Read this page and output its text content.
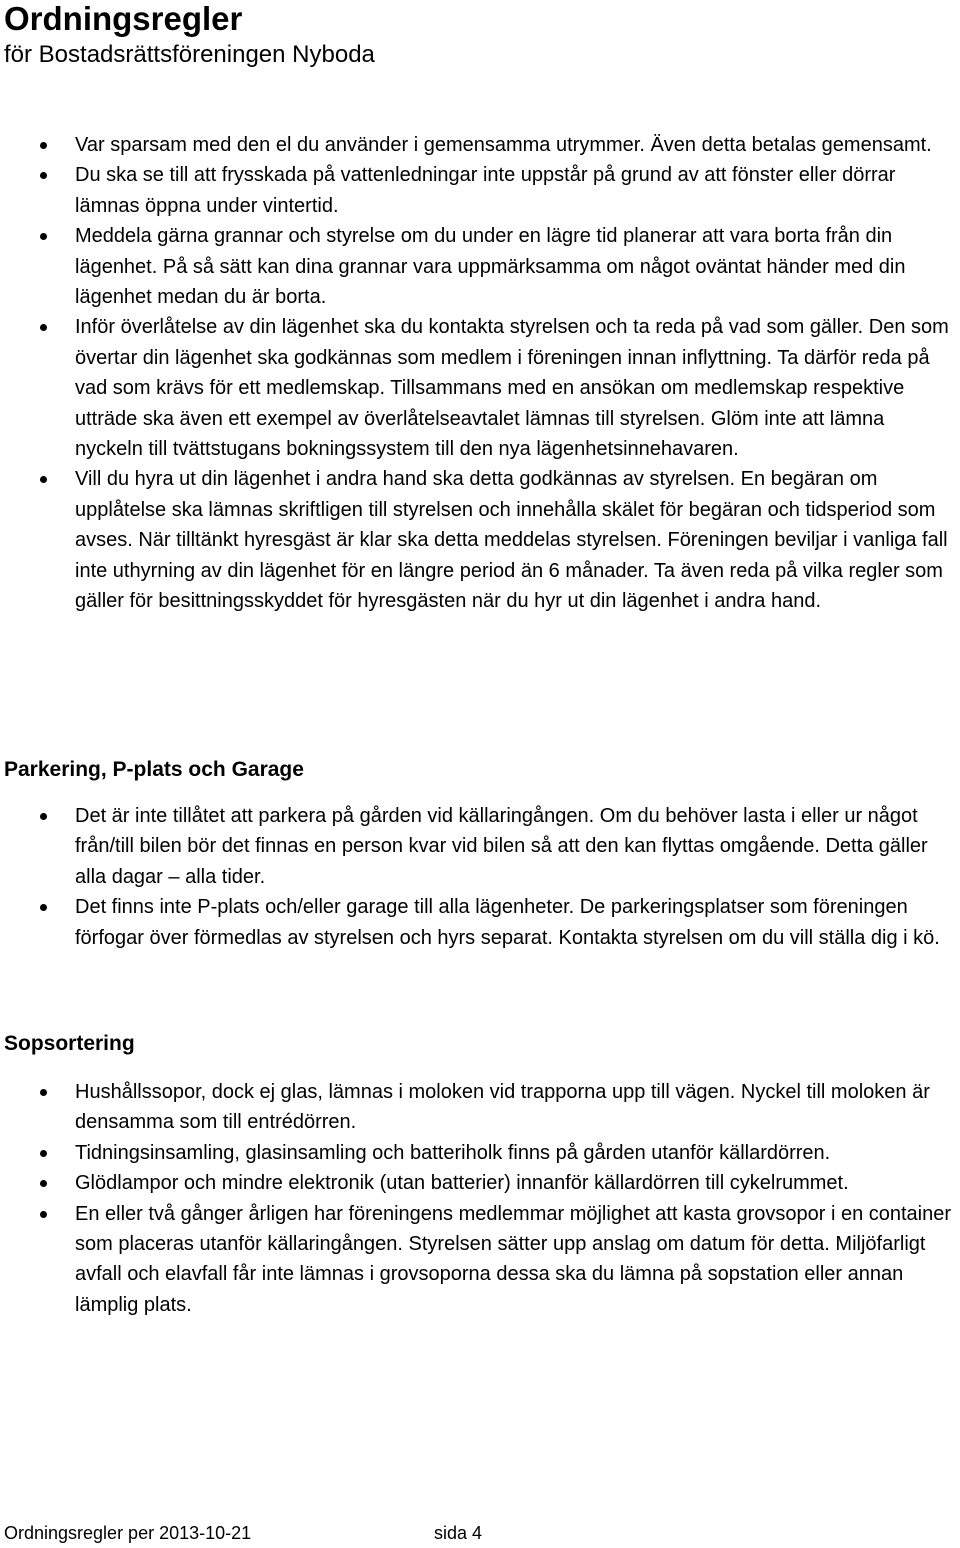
Ordningsregler
för Bostadsrättsföreningen Nyboda
Var sparsam med den el du använder i gemensamma utrymmer. Även detta betalas gemensamt.
Du ska se till att frysskada på vattenledningar inte uppstår på grund av att fönster eller dörrar lämnas öppna under vintertid.
Meddela gärna grannar och styrelse om du under en lägre tid planerar att vara borta från din lägenhet. På så sätt kan dina grannar vara uppmärksamma om något oväntat händer med din lägenhet medan du är borta.
Inför överlåtelse av din lägenhet ska du kontakta styrelsen och ta reda på vad som gäller. Den som övertar din lägenhet ska godkännas som medlem i föreningen innan inflyttning. Ta därför reda på vad som krävs för ett medlemskap. Tillsammans med en ansökan om medlemskap respektive utträde ska även ett exempel av överlåtelseavtalet lämnas till styrelsen. Glöm inte att lämna nyckeln till tvättstugans bokningssystem till den nya lägenhetsinnehavaren.
Vill du hyra ut din lägenhet i andra hand ska detta godkännas av styrelsen. En begäran om upplåtelse ska lämnas skriftligen till styrelsen och innehålla skälet för begäran och tidsperiod som avses. När tilltänkt hyresgäst är klar ska detta meddelas styrelsen. Föreningen beviljar i vanliga fall inte uthyrning av din lägenhet för en längre period än 6 månader. Ta även reda på vilka regler som gäller för besittningsskyddet för hyresgästen när du hyr ut din lägenhet i andra hand.
Parkering, P-plats och Garage
Det är inte tillåtet att parkera på gården vid källaringången. Om du behöver lasta i eller ur något från/till bilen bör det finnas en person kvar vid bilen så att den kan flyttas omgående. Detta gäller alla dagar – alla tider.
Det finns inte P-plats och/eller garage till alla lägenheter. De parkeringsplatser som föreningen förfogar över förmedlas av styrelsen och hyrs separat. Kontakta styrelsen om du vill ställa dig i kö.
Sopsortering
Hushållssopor, dock ej glas, lämnas i moloken vid trapporna upp till vägen. Nyckel till moloken är densamma som till entrédörren.
Tidningsinsamling, glasinsamling och batteriholk finns på gården utanför källardörren.
Glödlampor och mindre elektronik (utan batterier) innanför källardörren till cykelrummet.
En eller två gånger årligen har föreningens medlemmar möjlighet att kasta grovsopor i en container som placeras utanför källaringången. Styrelsen sätter upp anslag om datum för detta. Miljöfarligt avfall och elavfall får inte lämnas i grovsoporna dessa ska du lämna på sopstation eller annan lämplig plats.
Ordningsregler per 2013-10-21	sida 4
